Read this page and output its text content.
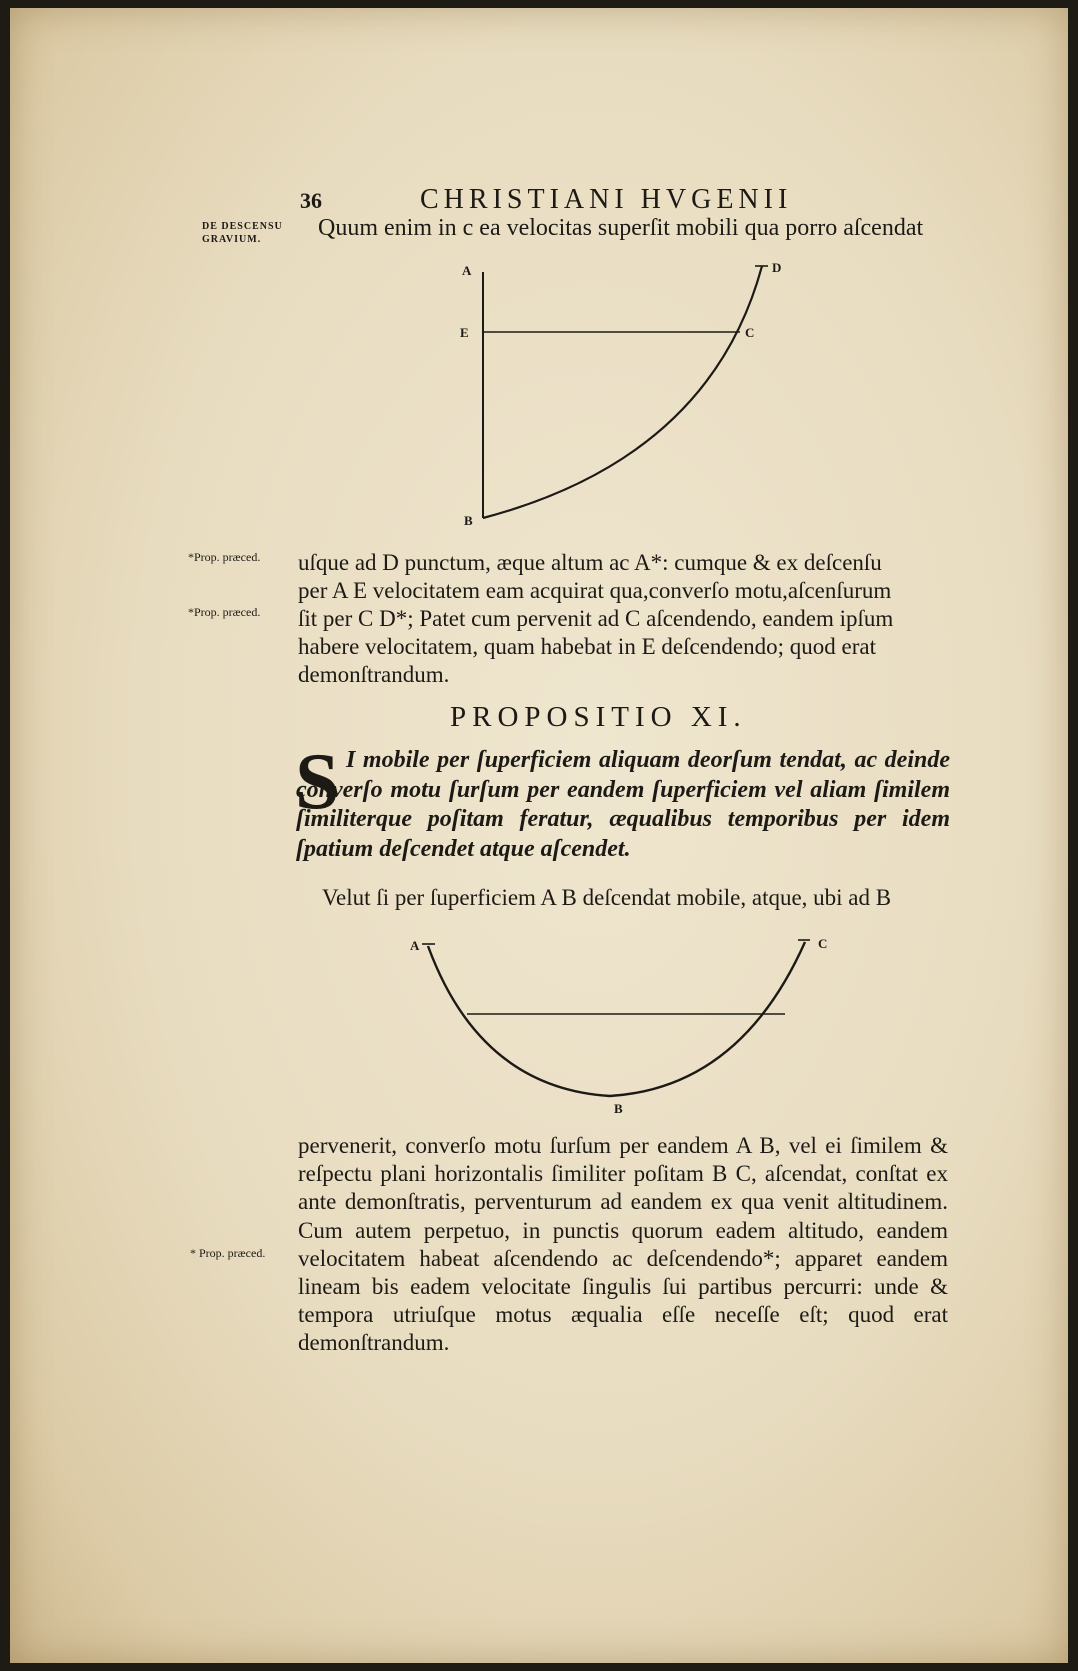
36	CHRISTIANI HVGENII
DE DESCENSU
GRAVIUM.	Quum enim in c ea velocitas superſit mobili qua porro aſcendat
A	D
E	C
B
*Prop. præced.
*Prop. præced.
uſque ad D punctum, æque altum ac A*: cumque & ex deſcenſu
per A E velocitatem eam acquirat qua,converſo motu,aſcenſurum
ſit per C D*; Patet cum pervenit ad C aſcendendo, eandem ipſum
habere velocitatem, quam habebat in E deſcendendo; quod erat
demonſtrandum.
PROPOSITIO XI.
S I mobile per ſuperficiem aliquam deorſum tendat, ac deinde converſo motu ſurſum per eandem ſuperficiem vel aliam ſimilem ſimiliterque poſitam feratur, æqualibus temporibus per idem ſpatium deſcendet atque aſcendet.
Velut ſi per ſuperficiem A B deſcendat mobile, atque, ubi ad B
A	C
B
* Prop. præced.
pervenerit, converſo motu ſurſum per eandem A B, vel ei ſimilem & reſpectu plani horizontalis ſimiliter poſitam B C, aſcendat, conſtat ex ante demonſtratis, perventurum ad eandem ex qua venit altitudinem. Cum autem perpetuo, in punctis quorum eadem altitudo, eandem velocitatem habeat aſcendendo ac deſcendendo*; apparet eandem lineam bis eadem velocitate ſingulis ſui partibus percurri: unde & tempora utriuſque motus æqualia eſſe neceſſe eſt; quod erat demonſtrandum.
